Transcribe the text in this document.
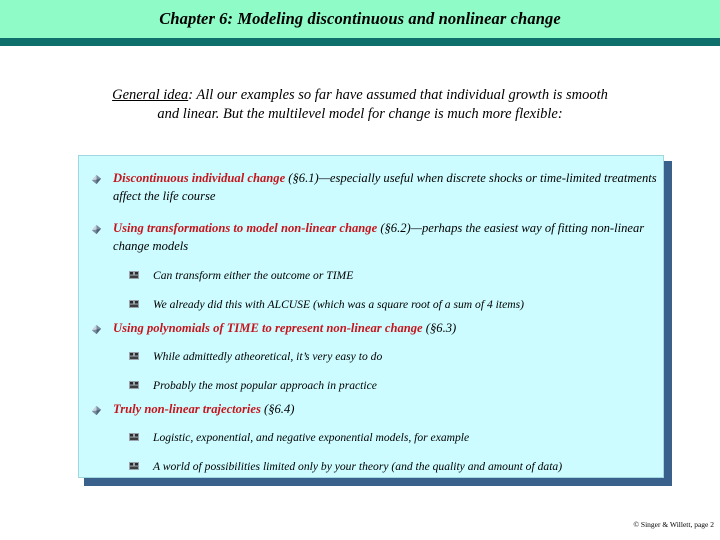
Chapter 6: Modeling discontinuous and nonlinear change
General idea: All our examples so far have assumed that individual growth is smooth and linear. But the multilevel model for change is much more flexible:
Discontinuous individual change (§6.1)—especially useful when discrete shocks or time-limited treatments affect the life course
Using transformations to model non-linear change (§6.2)—perhaps the easiest way of fitting non-linear change models
Can transform either the outcome or TIME
We already did this with ALCUSE (which was a square root of a sum of 4 items)
Using polynomials of TIME to represent non-linear change (§6.3)
While admittedly atheoretical, it’s very easy to do
Probably the most popular approach in practice
Truly non-linear trajectories (§6.4)
Logistic, exponential, and negative exponential models, for example
A world of possibilities limited only by your theory (and the quality and amount of data)
© Singer & Willett, page 2
